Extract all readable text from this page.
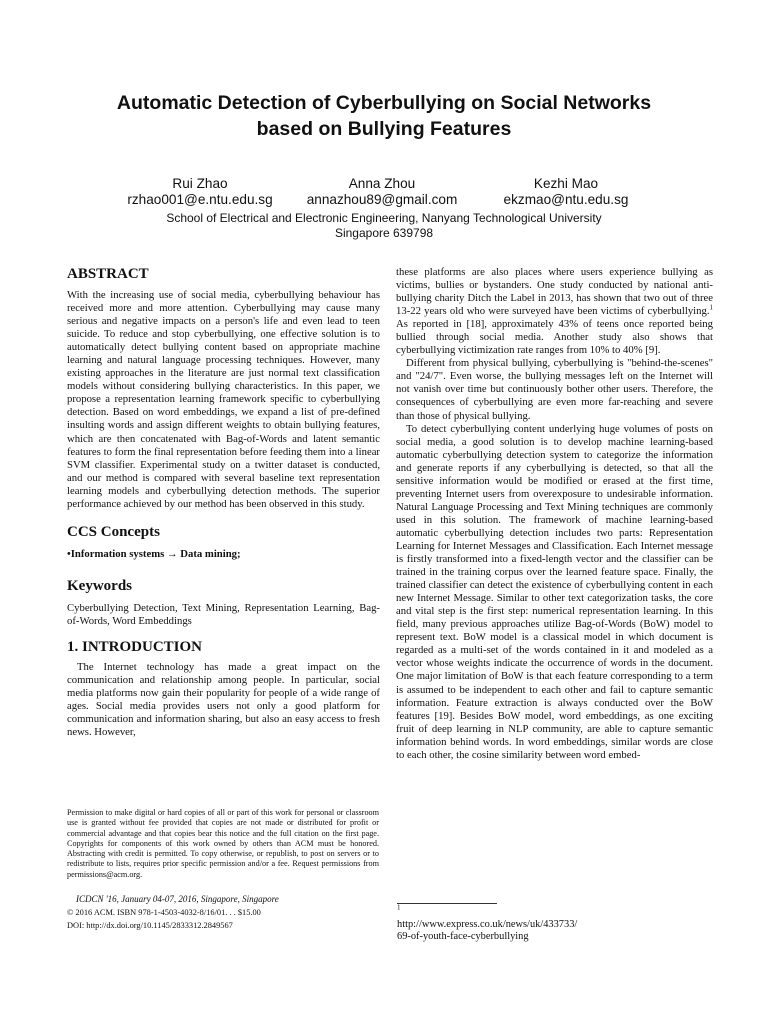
Automatic Detection of Cyberbullying on Social Networks
based on Bullying Features
Rui Zhao
rzhao001@e.ntu.edu.sg
Anna Zhou
annazhou89@gmail.com
Kezhi Mao
ekzmao@ntu.edu.sg
School of Electrical and Electronic Engineering, Nanyang Technological University
Singapore 639798
ABSTRACT

With the increasing use of social media, cyberbullying behaviour has received more and more attention. Cyberbullying may cause many serious and negative impacts on a person's life and even lead to teen suicide. To reduce and stop cyberbullying, one effective solution is to automatically detect bullying content based on appropriate machine learning and natural language processing techniques. However, many existing approaches in the literature are just normal text classification models without considering bullying characteristics. In this paper, we propose a representation learning framework specific to cyberbullying detection. Based on word embeddings, we expand a list of pre-defined insulting words and assign different weights to obtain bullying features, which are then concatenated with Bag-of-Words and latent semantic features to form the final representation before feeding them into a linear SVM classifier. Experimental study on a twitter dataset is conducted, and our method is compared with several baseline text representation learning models and cyberbullying detection methods. The superior performance achieved by our method has been observed in this study.

CCS Concepts

•Information systems → Data mining;

Keywords

Cyberbullying Detection, Text Mining, Representation Learning, Bag-of-Words, Word Embeddings

1. INTRODUCTION

The Internet technology has made a great impact on the communication and relationship among people. In particular, social media platforms now gain their popularity for people of a wide range of ages. Social media provides users not only a good platform for communication and information sharing, but also an easy access to fresh news. However,

Permission to make digital or hard copies of all or part of this work for personal or classroom use is granted without fee provided that copies are not made or distributed for profit or commercial advantage and that copies bear this notice and the full citation on the first page. Copyrights for components of this work owned by others than ACM must be honored. Abstracting with credit is permitted. To copy otherwise, or republish, to post on servers or to redistribute to lists, requires prior specific permission and/or a fee. Request permissions from permissions@acm.org.
ICDCN '16, January 04-07, 2016, Singapore, Singapore
© 2016 ACM. ISBN 978-1-4503-4032-8/16/01. . . $15.00
DOI: http://dx.doi.org/10.1145/2833312.2849567

these platforms are also places where users experience bullying as victims, bullies or bystanders. One study conducted by national anti-bullying charity Ditch the Label in 2013, has shown that two out of three 13-22 years old who were surveyed have been victims of cyberbullying.$^1$ As reported in [18], approximately 43% of teens once reported being bullied through social media. Another study also shows that cyberbullying victimization rate ranges from 10% to 40% [9].

Different from physical bullying, cyberbullying is "behind-the-scenes" and "24/7". Even worse, the bullying messages left on the Internet will not vanish over time but continuously bother other users. Therefore, the consequences of cyberbullying are even more far-reaching and severe than those of physical bullying.

To detect cyberbullying content underlying huge volumes of posts on social media, a good solution is to develop machine learning-based automatic cyberbullying detection system to categorize the information and generate reports if any cyberbullying is detected, so that all the sensitive information would be modified or erased at the first time, preventing Internet users from overexposure to undesirable information. Natural Language Processing and Text Mining techniques are commonly used in this solution. The framework of machine learning-based automatic cyberbullying detection includes two parts: Representation Learning for Internet Messages and Classification. Each Internet message is firstly transformed into a fixed-length vector and the classifier can be trained in the training corpus over the learned feature space. Finally, the trained classifier can detect the existence of cyberbullying content in each new Internet Message. Similar to other text categorization tasks, the core and vital step is the first step: numerical representation learning. In this field, many previous approaches utilize Bag-of-Words (BoW) model to represent text. BoW model is a classical model in which document is regarded as a multi-set of the words contained in it and modeled as a vector whose weights indicate the occurrence of words in the document. One major limitation of BoW is that each feature corresponding to a term is assumed to be independent to each other and fail to capture semantic information. Feature extraction is always conducted over the BoW features [19]. Besides BoW model, word embeddings, as one exciting fruit of deep learning in NLP community, are able to capture semantic information behind words. In word embeddings, similar words are close to each other, the cosine similarity between word embed-

$^1$
http://www.express.co.uk/news/uk/433733/
69-of-youth-face-cyberbullying
